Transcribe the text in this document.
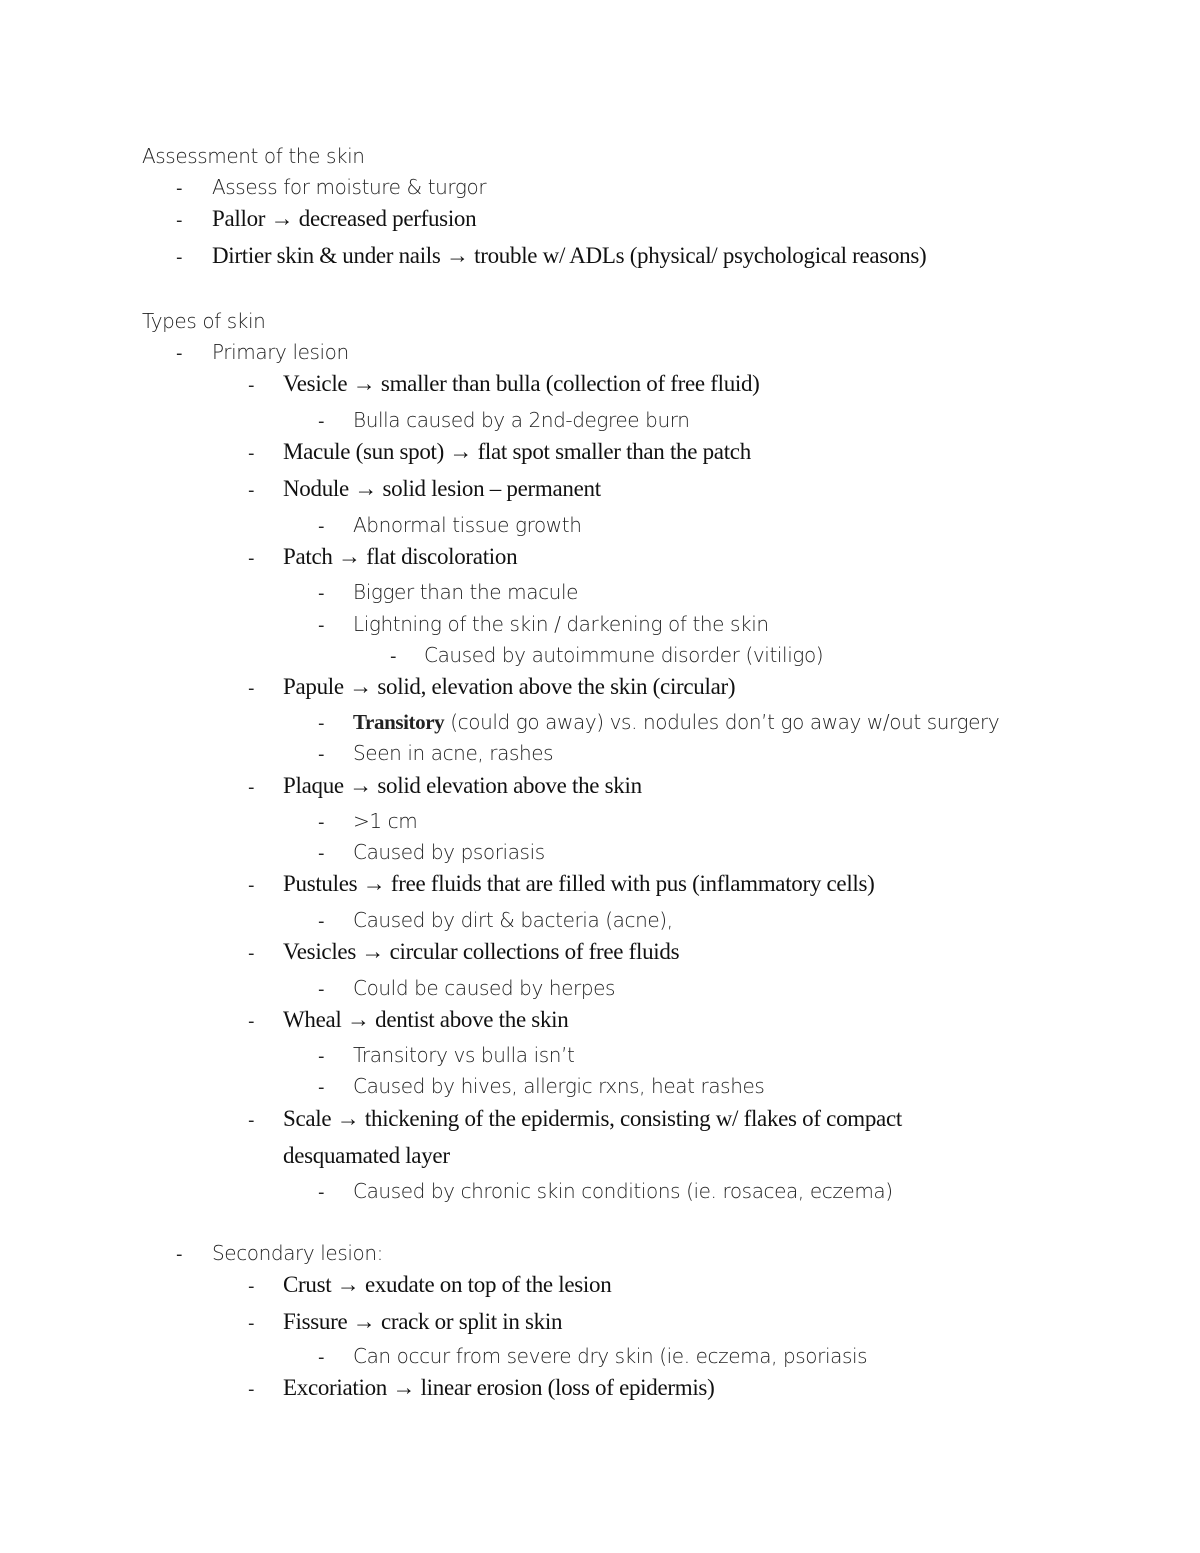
Assessment of the skin
- Assess for moisture & turgor
- Pallor → decreased perfusion
- Dirtier skin & under nails → trouble w/ ADLs (physical/ psychological reasons)
Types of skin
- Primary lesion
- Vesicle → smaller than bulla (collection of free fluid)
- Bulla caused by a 2nd-degree burn
- Macule (sun spot) → flat spot smaller than the patch
- Nodule → solid lesion – permanent
- Abnormal tissue growth
- Patch → flat discoloration
- Bigger than the macule
- Lightning of the skin / darkening of the skin
- Caused by autoimmune disorder (vitiligo)
- Papule → solid, elevation above the skin (circular)
- Transitory (could go away) vs. nodules don’t go away w/out surgery
- Seen in acne, rashes
- Plaque → solid elevation above the skin
- >1 cm
- Caused by psoriasis
- Pustules → free fluids that are filled with pus (inflammatory cells)
- Caused by dirt & bacteria (acne),
- Vesicles → circular collections of free fluids
- Could be caused by herpes
- Wheal → dentist above the skin
- Transitory vs bulla isn’t
- Caused by hives, allergic rxns, heat rashes
- Scale → thickening of the epidermis, consisting w/ flakes of compact
desquamated layer
- Caused by chronic skin conditions (ie. rosacea, eczema)
- Secondary lesion:
- Crust → exudate on top of the lesion
- Fissure → crack or split in skin
- Can occur from severe dry skin (ie. eczema, psoriasis
- Excoriation → linear erosion (loss of epidermis)
